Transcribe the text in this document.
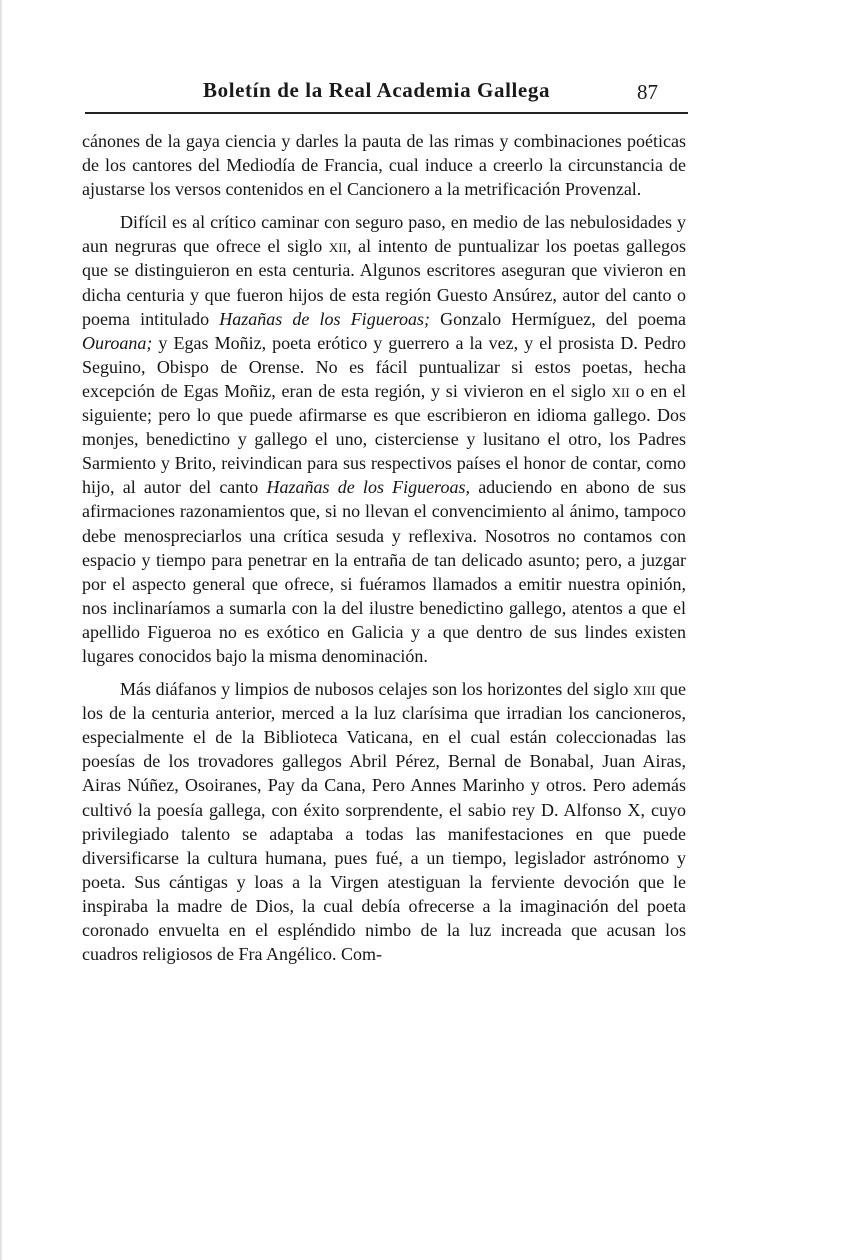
Boletín de la Real Academia Gallega	87

cánones de la gaya ciencia y darles la pauta de las rimas y combinaciones poéticas de los cantores del Mediodía de Francia, cual induce a creerlo la circunstancia de ajustarse los versos contenidos en el Cancionero a la metrificación Provenzal.

Difícil es al crítico caminar con seguro paso, en medio de las nebulosidades y aun negruras que ofrece el siglo xii, al intento de puntualizar los poetas gallegos que se distinguieron en esta centuria. Algunos escritores aseguran que vivieron en dicha centuria y que fueron hijos de esta región Guesto Ansúrez, autor del canto o poema intitulado Hazañas de los Figueroas; Gonzalo Hermíguez, del poema Ouroana; y Egas Moñiz, poeta erótico y guerrero a la vez, y el prosista D. Pedro Seguino, Obispo de Orense. No es fácil puntualizar si estos poetas, hecha excepción de Egas Moñiz, eran de esta región, y si vivieron en el siglo xii o en el siguiente; pero lo que puede afirmarse es que escribieron en idioma gallego. Dos monjes, benedictino y gallego el uno, cisterciense y lusitano el otro, los Padres Sarmiento y Brito, reivindican para sus respectivos países el honor de contar, como hijo, al autor del canto Hazañas de los Figueroas, aduciendo en abono de sus afirmaciones razonamientos que, si no llevan el convencimiento al ánimo, tampoco debe menospreciarlos una crítica sesuda y reflexiva. Nosotros no contamos con espacio y tiempo para penetrar en la entraña de tan delicado asunto; pero, a juzgar por el aspecto general que ofrece, si fuéramos llamados a emitir nuestra opinión, nos inclinaríamos a sumarla con la del ilustre benedictino gallego, atentos a que el apellido Figueroa no es exótico en Galicia y a que dentro de sus lindes existen lugares conocidos bajo la misma denominación.

Más diáfanos y limpios de nubosos celajes son los horizontes del siglo xiii que los de la centuria anterior, merced a la luz clarísima que irradian los cancioneros, especialmente el de la Biblioteca Vaticana, en el cual están coleccionadas las poesías de los trovadores gallegos Abril Pérez, Bernal de Bonabal, Juan Airas, Airas Núñez, Osoiranes, Pay da Cana, Pero Annes Marinho y otros. Pero además cultivó la poesía gallega, con éxito sorprendente, el sabio rey D. Alfonso X, cuyo privilegiado talento se adaptaba a todas las manifestaciones en que puede diversificarse la cultura humana, pues fué, a un tiempo, legislador astrónomo y poeta. Sus cántigas y loas a la Virgen atestiguan la ferviente devoción que le inspiraba la madre de Dios, la cual debía ofrecerse a la imaginación del poeta coronado envuelta en el espléndido nimbo de la luz increada que acusan los cuadros religiosos de Fra Angélico. Com-
